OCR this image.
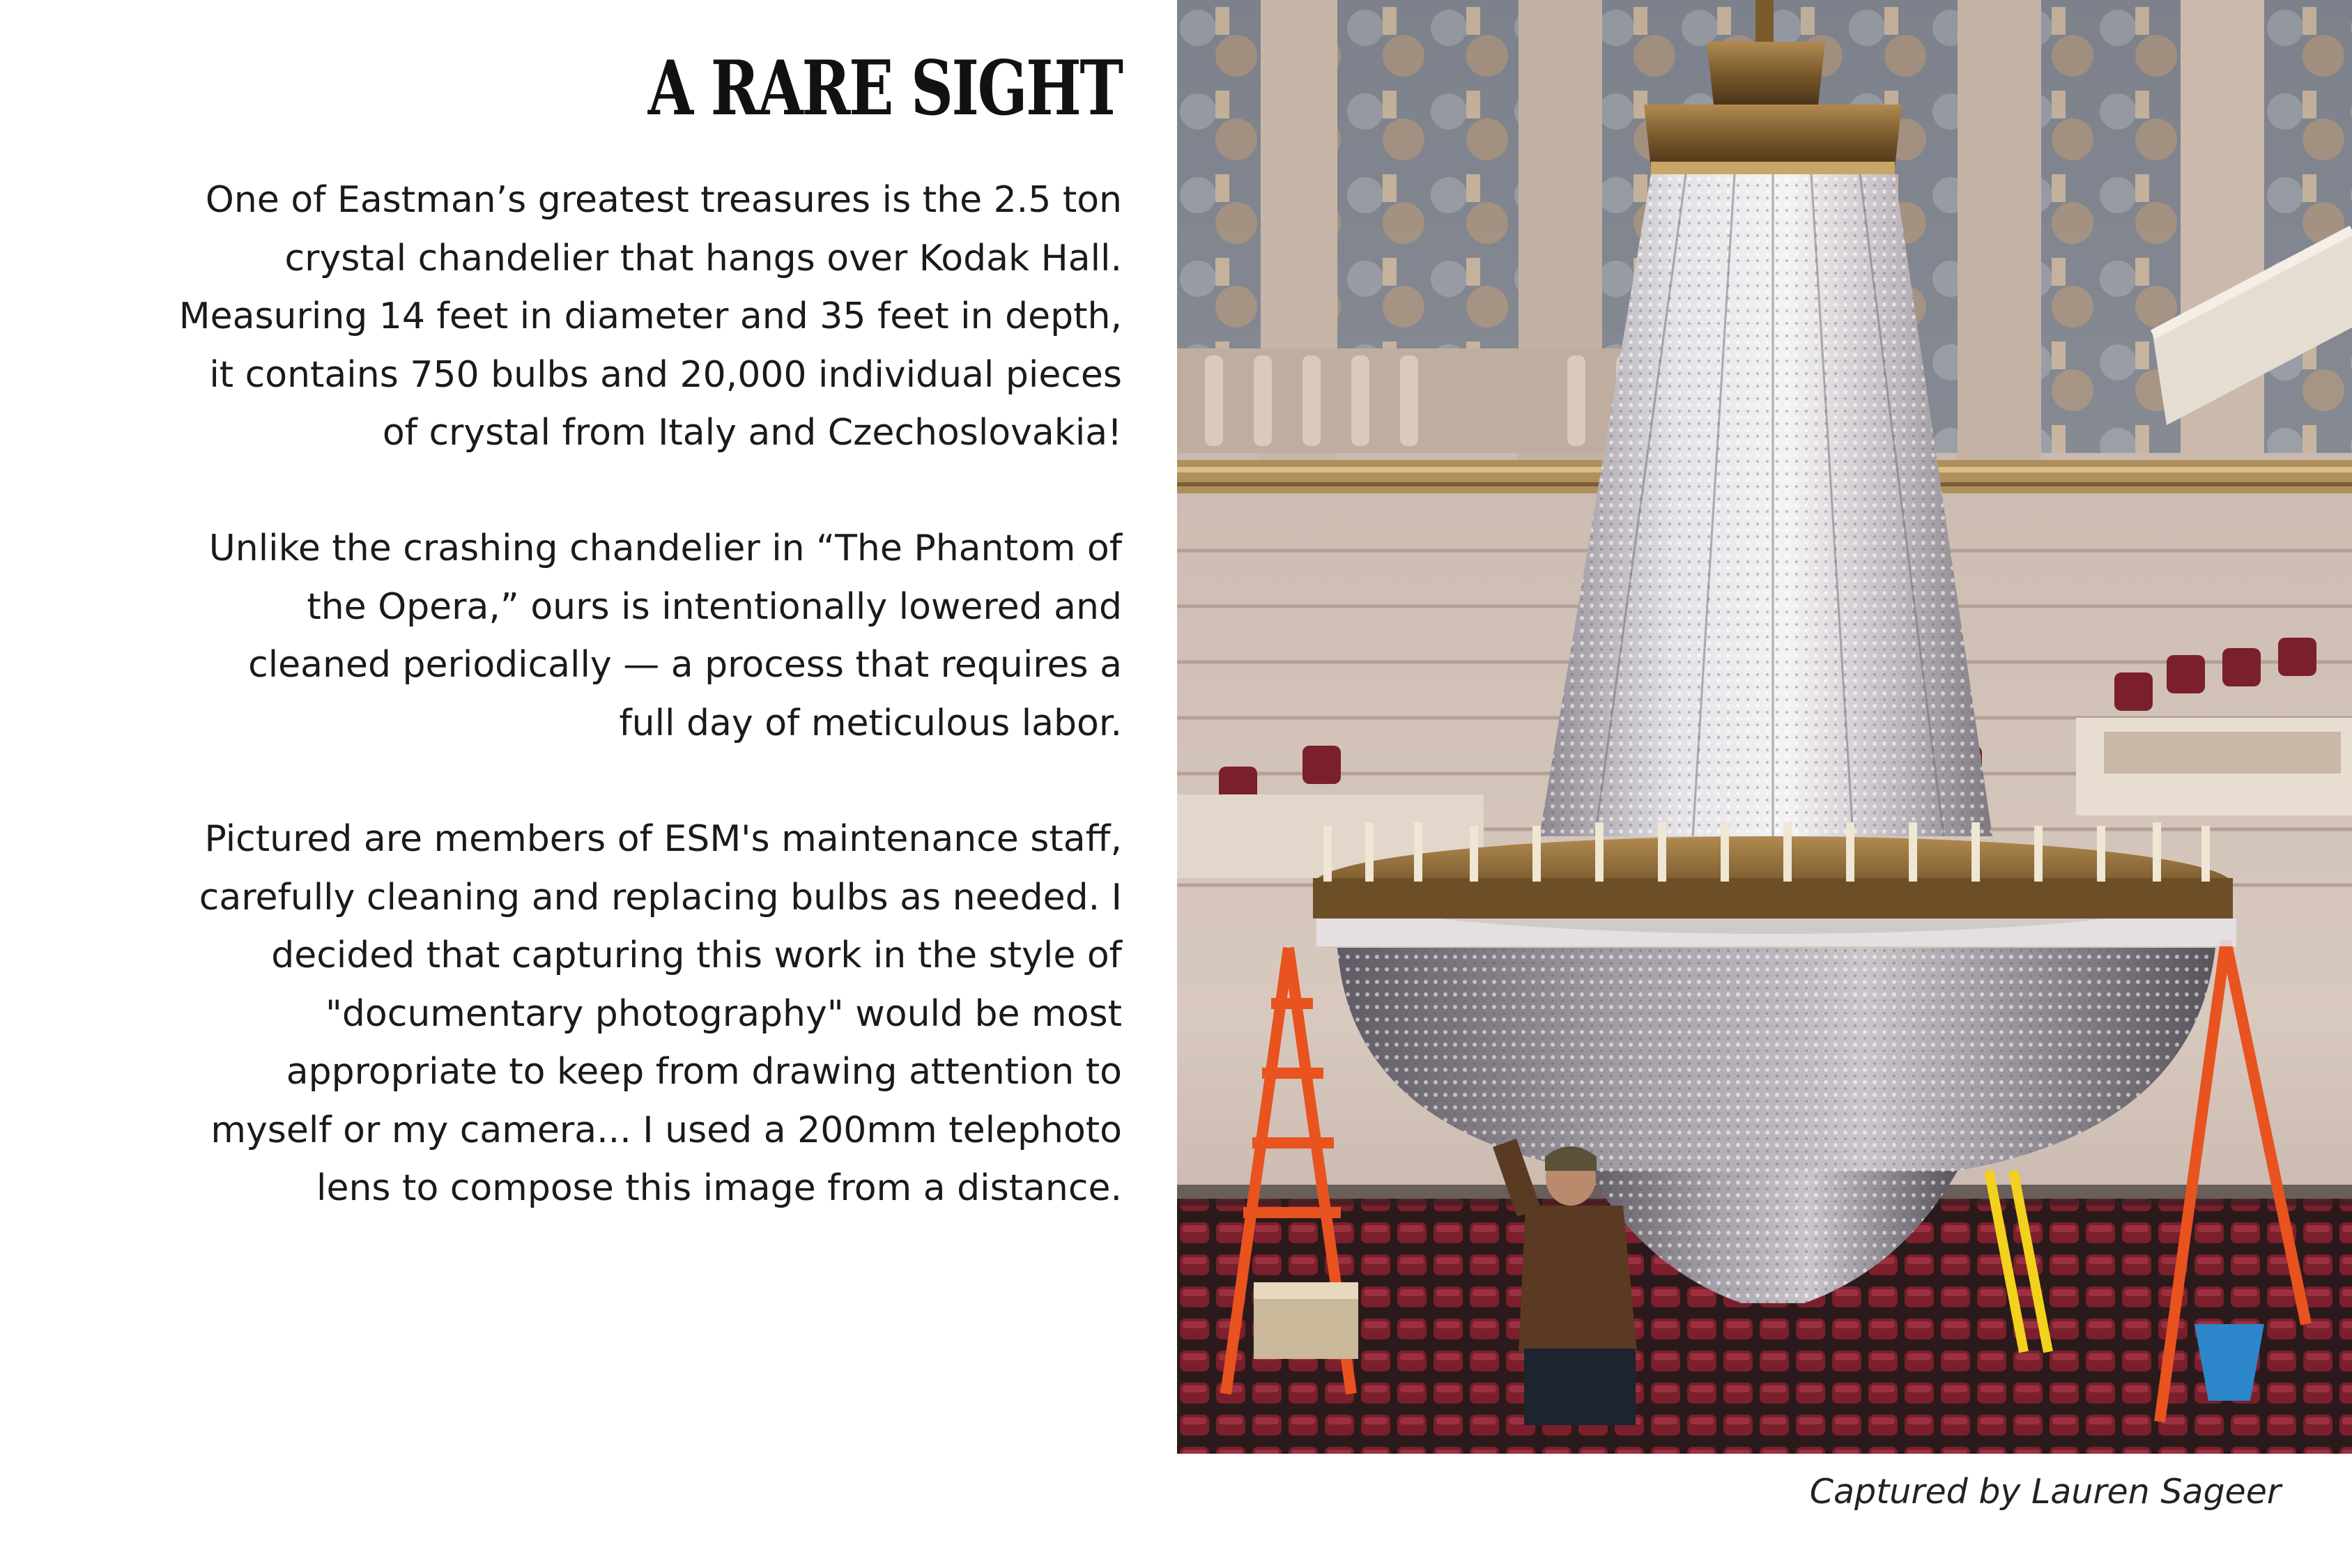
A RARE SIGHT

One of Eastman’s greatest treasures is the 2.5 ton
crystal chandelier that hangs over Kodak Hall.
Measuring 14 feet in diameter and 35 feet in depth,
it contains 750 bulbs and 20,000 individual pieces
of crystal from Italy and Czechoslovakia!

Unlike the crashing chandelier in “The Phantom of
the Opera,” ours is intentionally lowered and
cleaned periodically — a process that requires a
full day of meticulous labor.

Pictured are members of ESM's maintenance staff,
carefully cleaning and replacing bulbs as needed. I
decided that capturing this work in the style of
"documentary photography" would be most
appropriate to keep from drawing attention to
myself or my camera... I used a 200mm telephoto
lens to compose this image from a distance.

Captured by Lauren Sageer
